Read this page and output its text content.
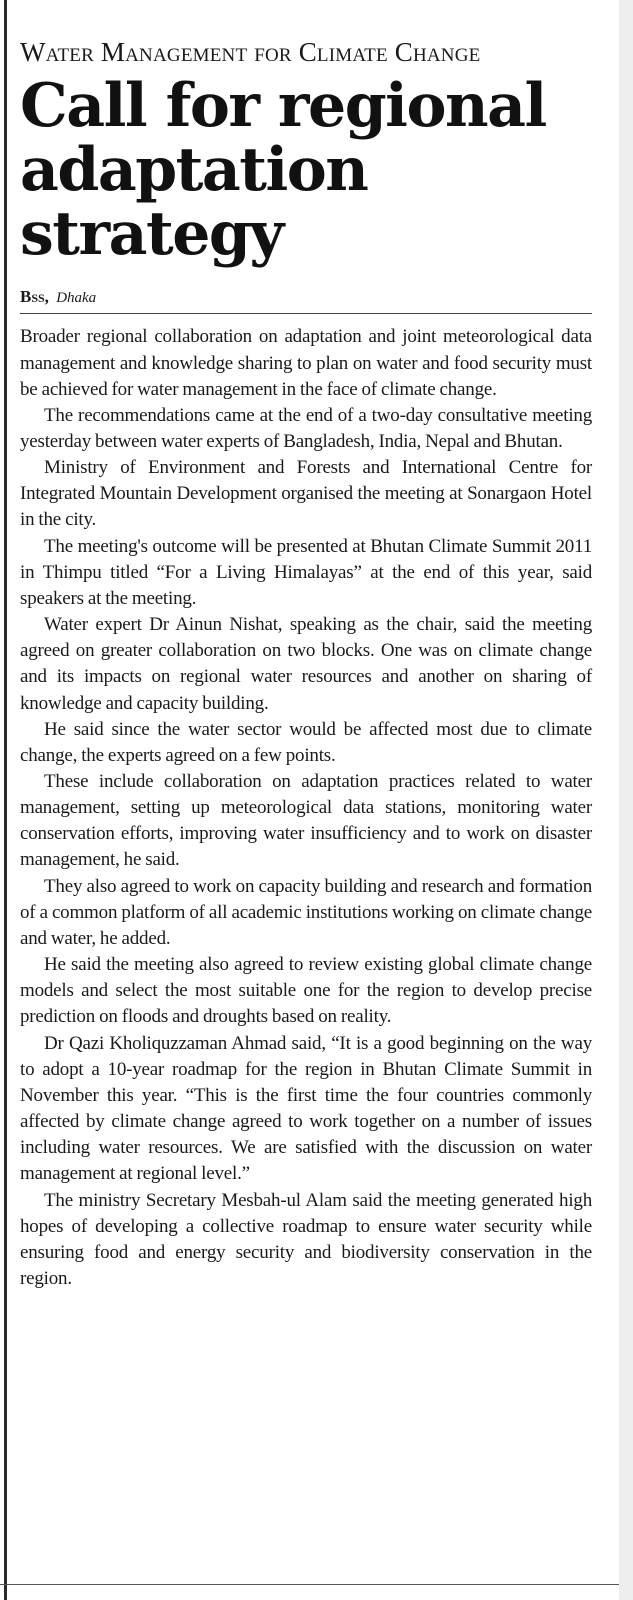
Water Management for Climate Change
Call for regional adaptation strategy
Bss, Dhaka

Broader regional collaboration on adaptation and joint meteorological data management and knowledge sharing to plan on water and food security must be achieved for water management in the face of climate change.

The recommendations came at the end of a two-day consultative meeting yesterday between water experts of Bangladesh, India, Nepal and Bhutan.

Ministry of Environment and Forests and International Centre for Integrated Mountain Development organised the meeting at Sonargaon Hotel in the city.

The meeting's outcome will be presented at Bhutan Climate Summit 2011 in Thimpu titled “For a Living Himalayas” at the end of this year, said speakers at the meeting.

Water expert Dr Ainun Nishat, speaking as the chair, said the meeting agreed on greater collaboration on two blocks. One was on climate change and its impacts on regional water resources and another on sharing of knowledge and capacity building.

He said since the water sector would be affected most due to climate change, the experts agreed on a few points.

These include collaboration on adaptation practices related to water management, setting up meteorological data stations, monitoring water conservation efforts, improving water insufficiency and to work on disaster management, he said.

They also agreed to work on capacity building and research and formation of a common platform of all academic institutions working on climate change and water, he added.

He said the meeting also agreed to review existing global climate change models and select the most suitable one for the region to develop precise prediction on floods and droughts based on reality.

Dr Qazi Kholiquzzaman Ahmad said, “It is a good beginning on the way to adopt a 10-year roadmap for the region in Bhutan Climate Summit in November this year. “This is the first time the four countries commonly affected by climate change agreed to work together on a number of issues including water resources. We are satisfied with the discussion on water management at regional level.”

The ministry Secretary Mesbah-ul Alam said the meeting generated high hopes of developing a collective roadmap to ensure water security while ensuring food and energy security and biodiversity conservation in the region.
